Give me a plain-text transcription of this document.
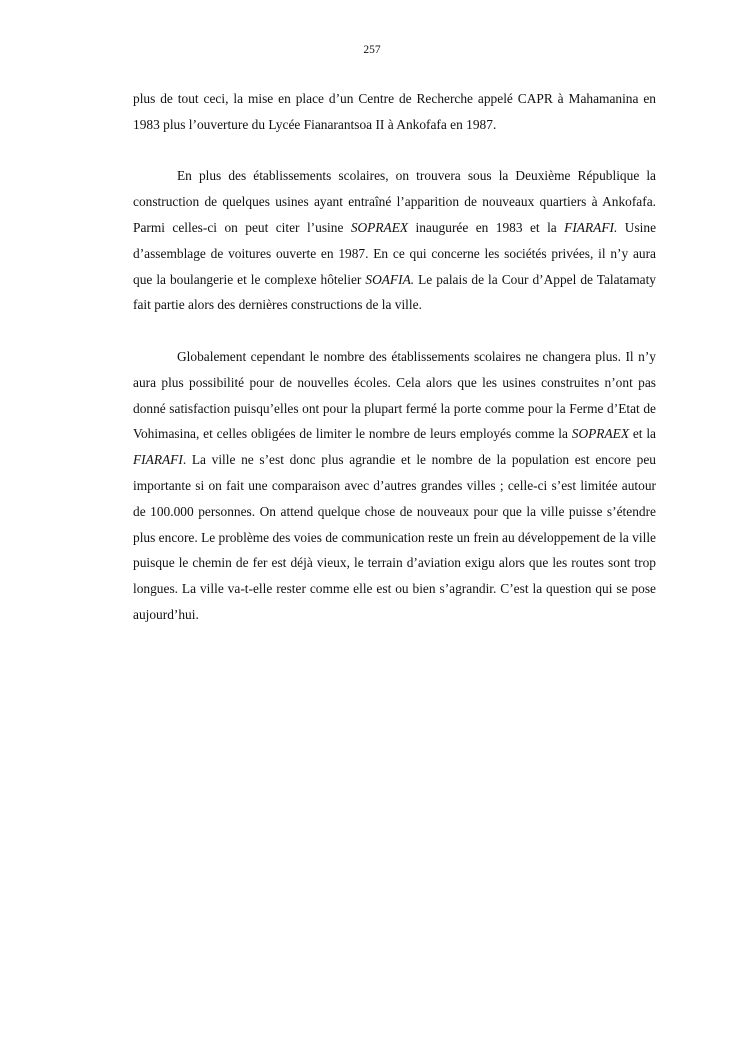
257

plus de tout ceci, la mise en place d’un Centre de Recherche appelé CAPR à Mahamanina en 1983 plus l’ouverture du Lycée Fianarantsoa II à Ankofafa en 1987.

En plus des établissements scolaires, on trouvera sous la Deuxième République la construction de quelques usines ayant entraîné l’apparition de nouveaux quartiers à Ankofafa. Parmi celles-ci on peut citer l’usine SOPRAEX inaugurée en 1983 et la FIARAFI. Usine d’assemblage de voitures ouverte en 1987. En ce qui concerne les sociétés privées, il n’y aura que la boulangerie et le complexe hôtelier SOAFIA. Le palais de la Cour d’Appel de Talatamaty fait partie alors des dernières constructions de la ville.

Globalement cependant le nombre des établissements scolaires ne changera plus. Il n’y aura plus possibilité pour de nouvelles écoles. Cela alors que les usines construites n’ont pas donné satisfaction puisqu’elles ont pour la plupart fermé la porte comme pour la Ferme d’Etat de Vohimasina, et celles obligées de limiter le nombre de leurs employés comme la SOPRAEX et la FIARAFI. La ville ne s’est donc plus agrandie et le nombre de la population est encore peu importante si on fait une comparaison avec d’autres grandes villes ; celle-ci s’est limitée autour de 100.000 personnes. On attend quelque chose de nouveaux pour que la ville puisse s’étendre plus encore. Le problème des voies de communication reste un frein au développement de la ville puisque le chemin de fer est déjà vieux, le terrain d’aviation exigu alors que les routes sont trop longues. La ville va-t-elle rester comme elle est ou bien s’agrandir. C’est la question qui se pose aujourd’hui.
